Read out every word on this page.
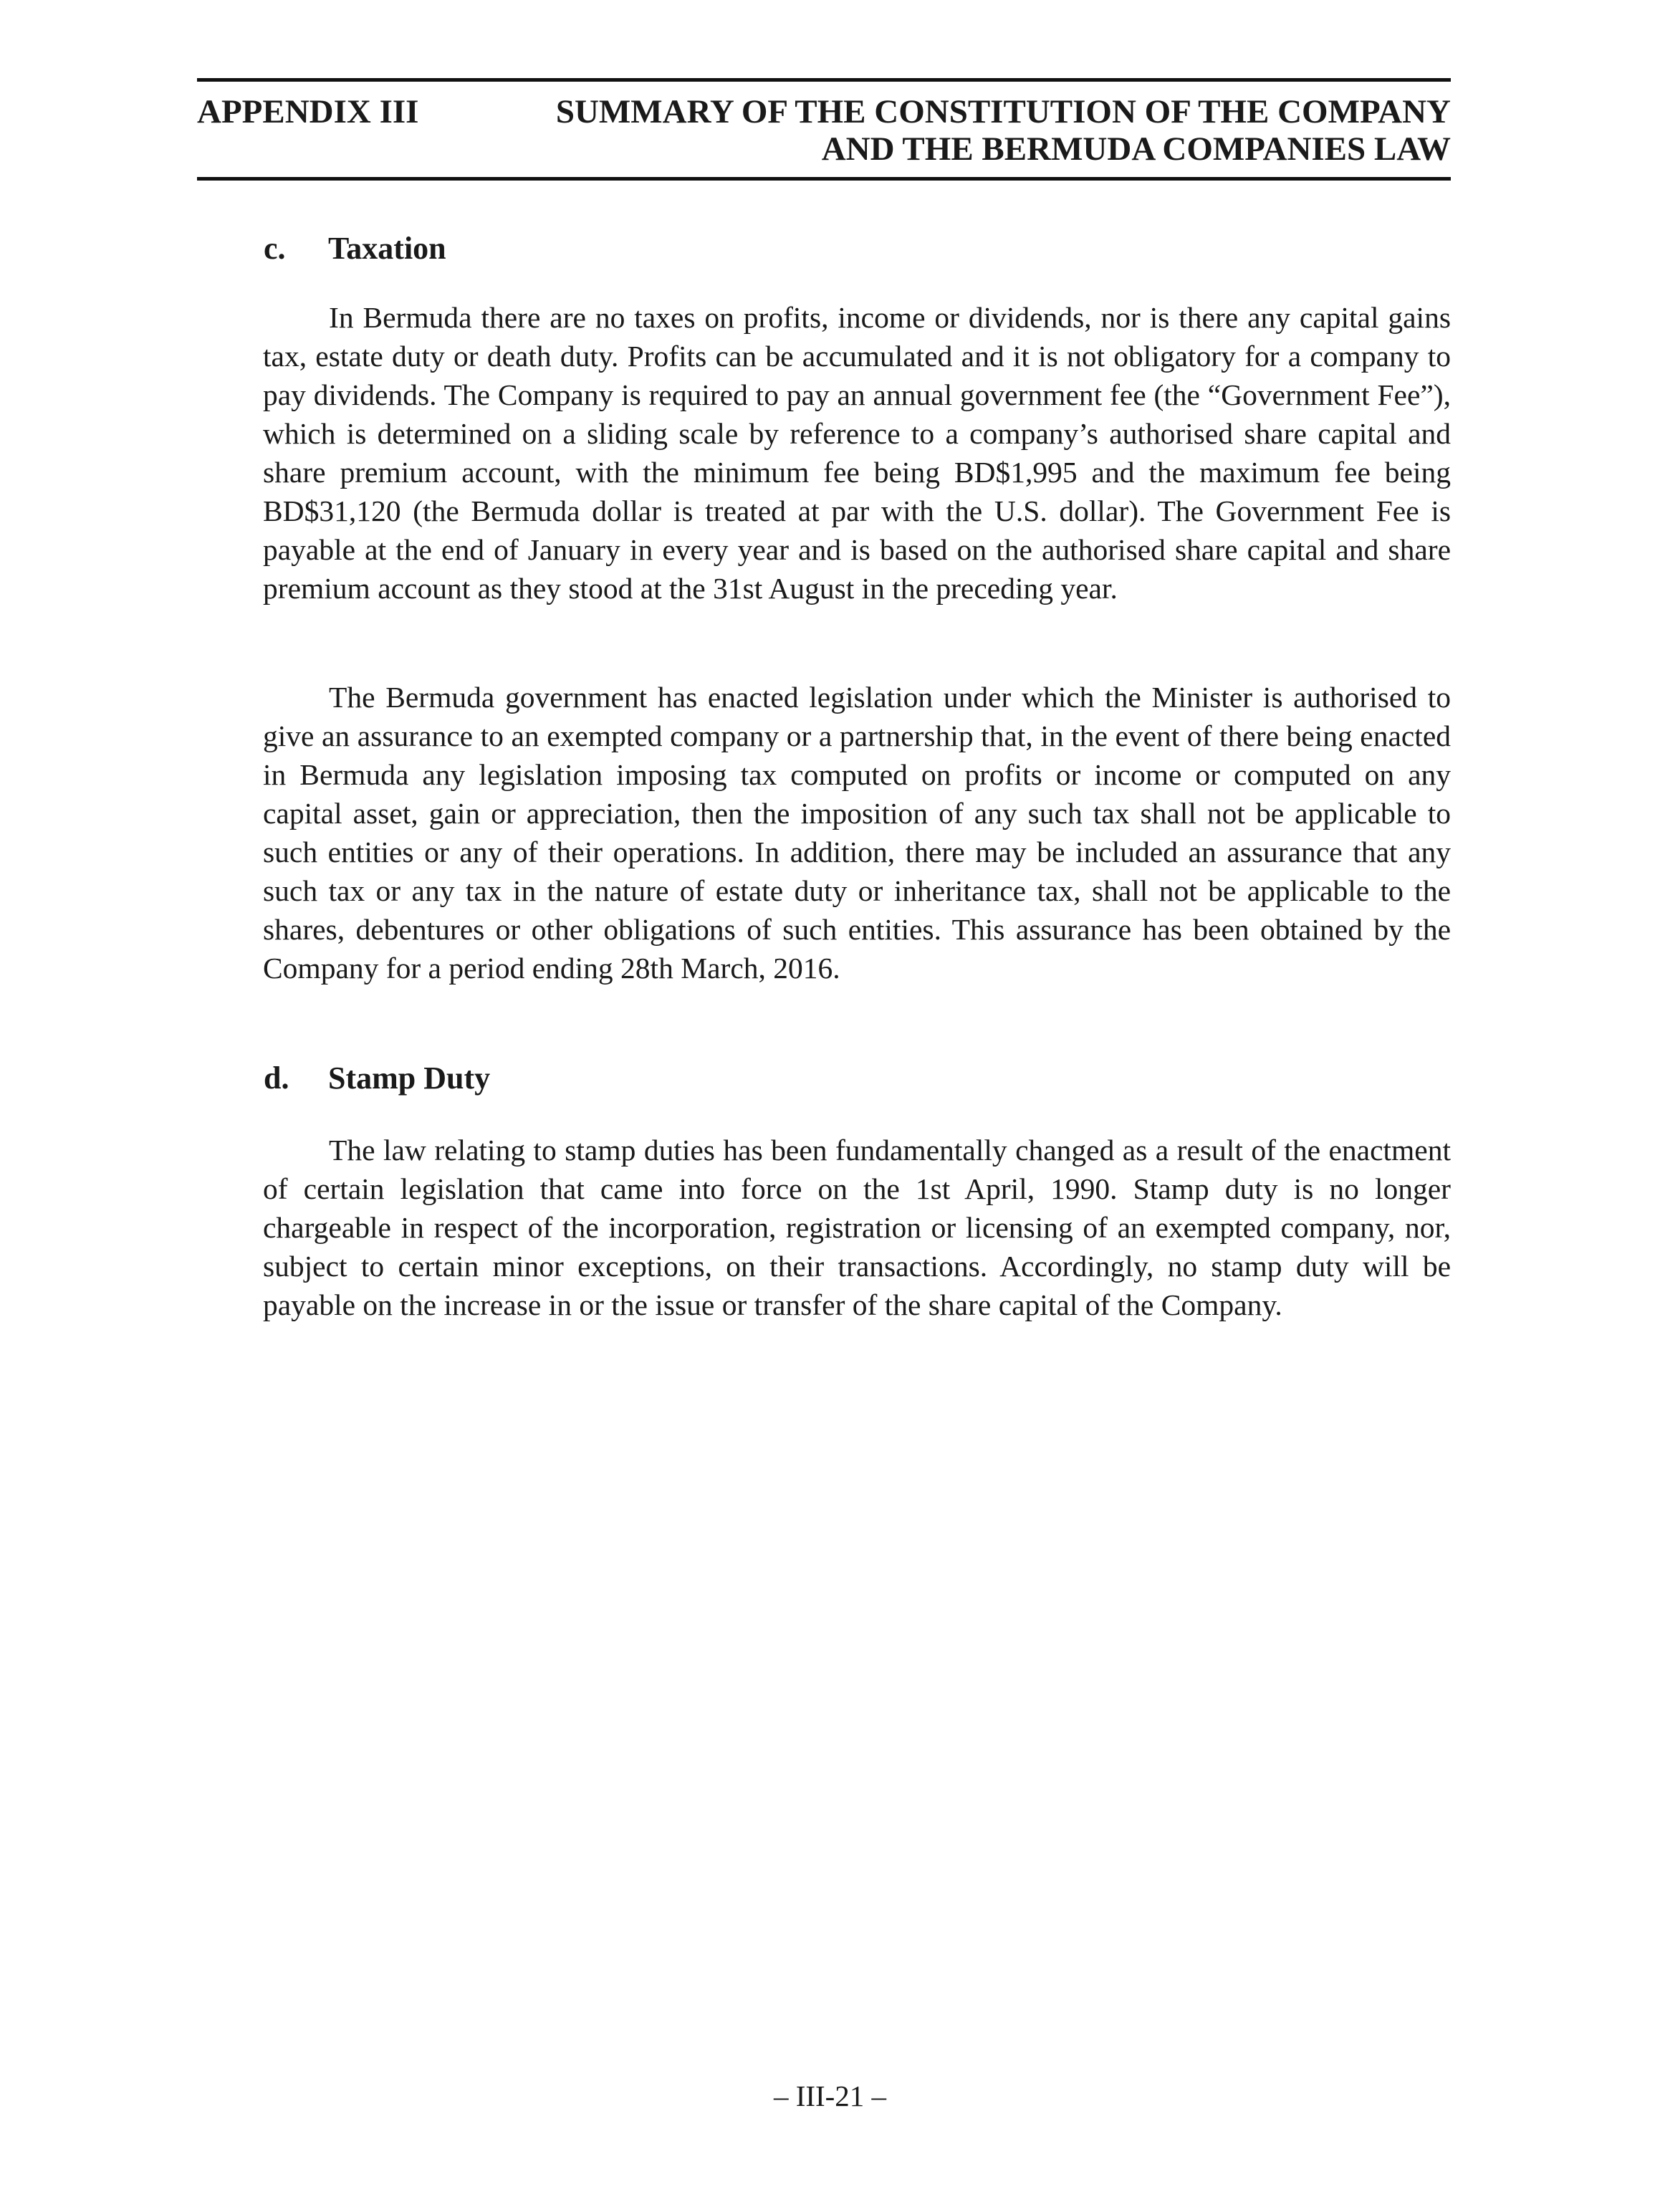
APPENDIX III	SUMMARY OF THE CONSTITUTION OF THE COMPANY
AND THE BERMUDA COMPANIES LAW
c. Taxation

In Bermuda there are no taxes on profits, income or dividends, nor is there any capital gains tax, estate duty or death duty. Profits can be accumulated and it is not obligatory for a company to pay dividends. The Company is required to pay an annual government fee (the “Government Fee”), which is determined on a sliding scale by reference to a company’s authorised share capital and share premium account, with the minimum fee being BD$1,995 and the maximum fee being BD$31,120 (the Bermuda dollar is treated at par with the U.S. dollar). The Government Fee is payable at the end of January in every year and is based on the authorised share capital and share premium account as they stood at the 31st August in the preceding year.

The Bermuda government has enacted legislation under which the Minister is authorised to give an assurance to an exempted company or a partnership that, in the event of there being enacted in Bermuda any legislation imposing tax computed on profits or income or computed on any capital asset, gain or appreciation, then the imposition of any such tax shall not be applicable to such entities or any of their operations. In addition, there may be included an assurance that any such tax or any tax in the nature of estate duty or inheritance tax, shall not be applicable to the shares, debentures or other obligations of such entities. This assurance has been obtained by the Company for a period ending 28th March, 2016.

d. Stamp Duty

The law relating to stamp duties has been fundamentally changed as a result of the enactment of certain legislation that came into force on the 1st April, 1990. Stamp duty is no longer chargeable in respect of the incorporation, registration or licensing of an exempted company, nor, subject to certain minor exceptions, on their transactions. Accordingly, no stamp duty will be payable on the increase in or the issue or transfer of the share capital of the Company.

– III-21 –
